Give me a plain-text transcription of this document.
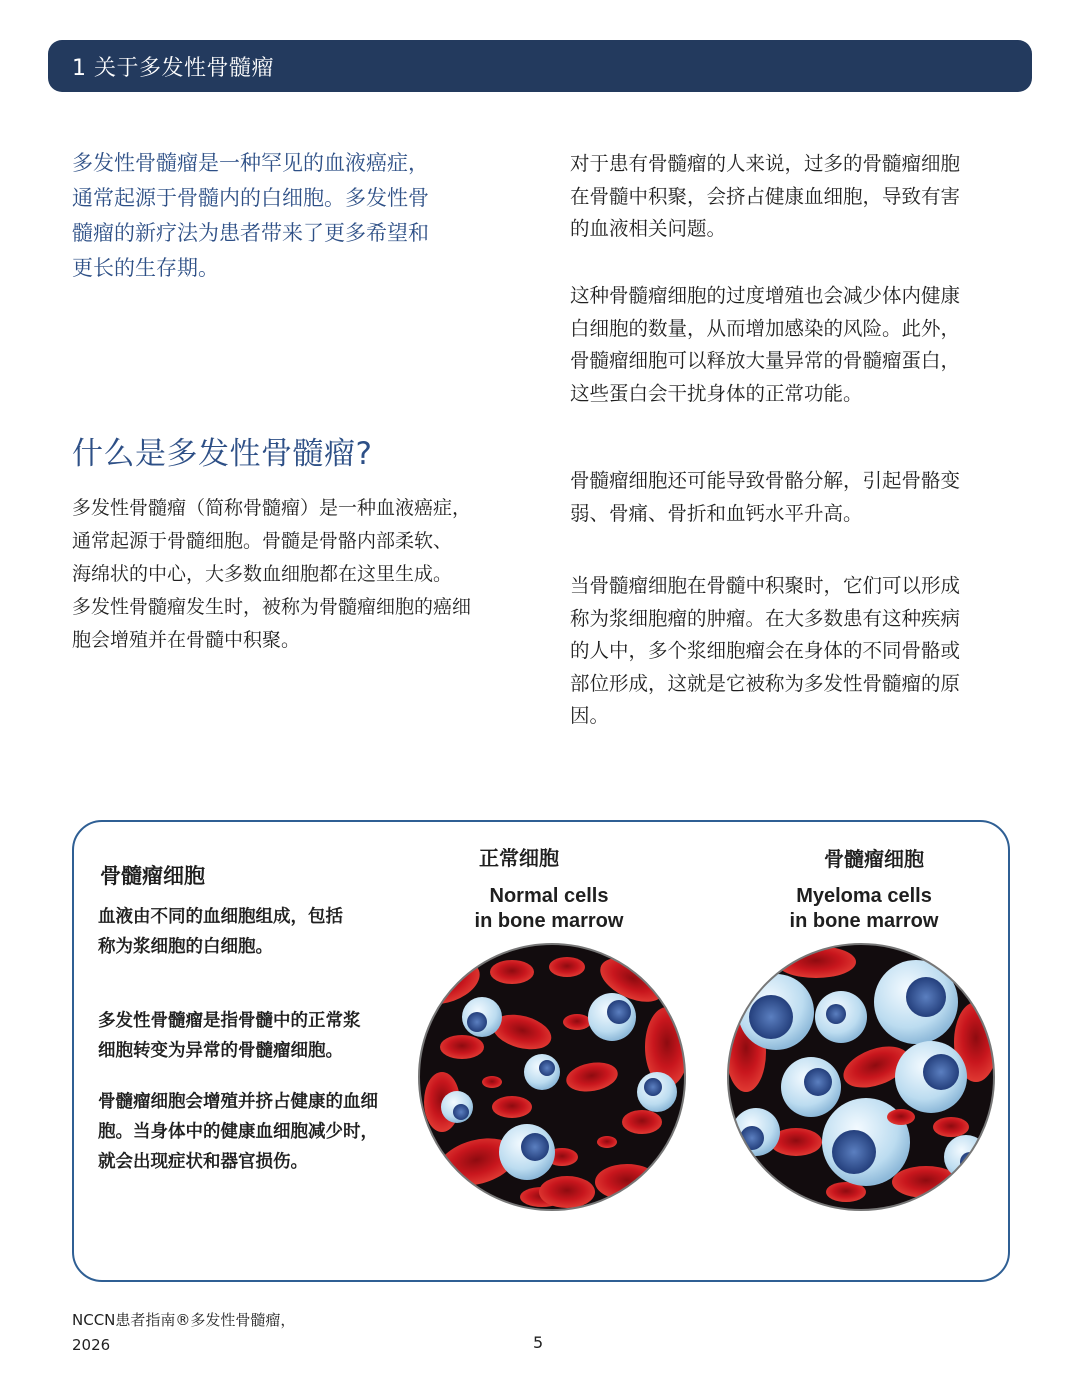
1 关于多发性骨髓瘤

多发性骨髓瘤是一种罕见的血液癌症，
通常起源于骨髓内的白细胞。多发性骨
髓瘤的新疗法为患者带来了更多希望和
更长的生存期。

什么是多发性骨髓瘤?

多发性骨髓瘤（简称骨髓瘤）是一种血液癌症，
通常起源于骨髓细胞。骨髓是骨骼内部柔软、
海绵状的中心，大多数血细胞都在这里生成。
多发性骨髓瘤发生时，被称为骨髓瘤细胞的癌细
胞会增殖并在骨髓中积聚。

对于患有骨髓瘤的人来说，过多的骨髓瘤细胞
在骨髓中积聚，会挤占健康血细胞，导致有害
的血液相关问题。

这种骨髓瘤细胞的过度增殖也会减少体内健康
白细胞的数量，从而增加感染的风险。此外，
骨髓瘤细胞可以释放大量异常的骨髓瘤蛋白，
这些蛋白会干扰身体的正常功能。

骨髓瘤细胞还可能导致骨骼分解，引起骨骼变
弱、骨痛、骨折和血钙水平升高。

当骨髓瘤细胞在骨髓中积聚时，它们可以形成
称为浆细胞瘤的肿瘤。在大多数患有这种疾病
的人中，多个浆细胞瘤会在身体的不同骨骼或
部位形成，这就是它被称为多发性骨髓瘤的原
因。

骨髓瘤细胞

血液由不同的血细胞组成，包括
称为浆细胞的白细胞。

多发性骨髓瘤是指骨髓中的正常浆
细胞转变为异常的骨髓瘤细胞。

骨髓瘤细胞会增殖并挤占健康的血细
胞。当身体中的健康血细胞减少时，
就会出现症状和器官损伤。

正常细胞
Normal cells
in bone marrow
骨髓瘤细胞
Myeloma cells
in bone marrow
NCCN患者指南®多发性骨髓瘤，
2026	5
